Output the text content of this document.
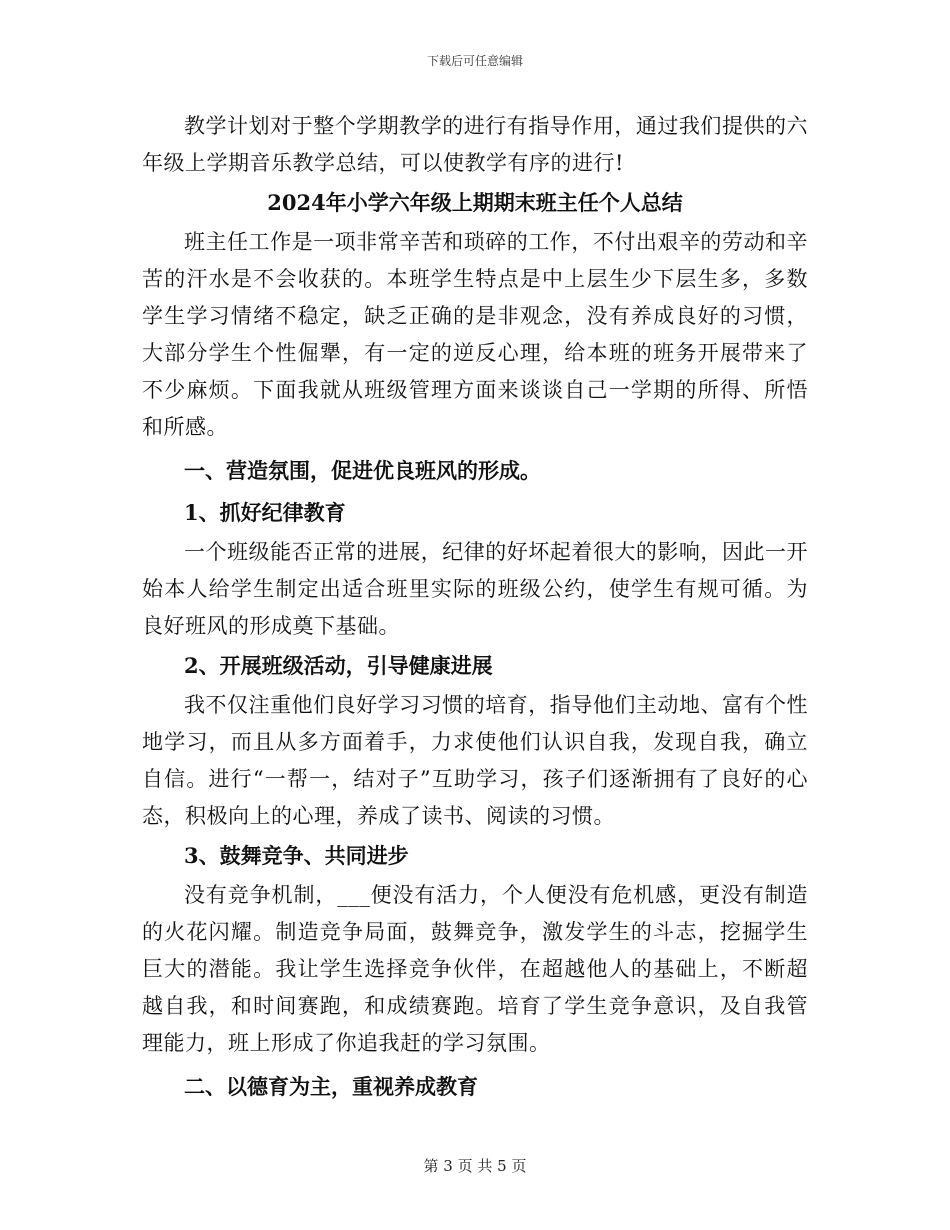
下载后可任意编辑

教学计划对于整个学期教学的进行有指导作用，通过我们提供的六年级上学期音乐教学总结，可以使教学有序的进行!

2024年小学六年级上期期末班主任个人总结

班主任工作是一项非常辛苦和琐碎的工作，不付出艰辛的劳动和辛苦的汗水是不会收获的。本班学生特点是中上层生少下层生多，多数学生学习情绪不稳定，缺乏正确的是非观念，没有养成良好的习惯，大部分学生个性倔犟，有一定的逆反心理，给本班的班务开展带来了不少麻烦。下面我就从班级管理方面来谈谈自己一学期的所得、所悟和所感。

一、营造氛围，促进优良班风的形成。

1、抓好纪律教育

一个班级能否正常的进展，纪律的好坏起着很大的影响，因此一开始本人给学生制定出适合班里实际的班级公约，使学生有规可循。为良好班风的形成奠下基础。

2、开展班级活动，引导健康进展

我不仅注重他们良好学习习惯的培育，指导他们主动地、富有个性地学习，而且从多方面着手，力求使他们认识自我，发现自我，确立自信。进行“一帮一，结对子”互助学习，孩子们逐渐拥有了良好的心态，积极向上的心理，养成了读书、阅读的习惯。

3、鼓舞竞争、共同进步

没有竞争机制，___便没有活力，个人便没有危机感，更没有制造的火花闪耀。制造竞争局面，鼓舞竞争，激发学生的斗志，挖掘学生巨大的潜能。我让学生选择竞争伙伴，在超越他人的基础上，不断超越自我，和时间赛跑，和成绩赛跑。培育了学生竞争意识，及自我管理能力，班上形成了你追我赶的学习氛围。

二、以德育为主，重视养成教育

第 3 页 共 5 页
